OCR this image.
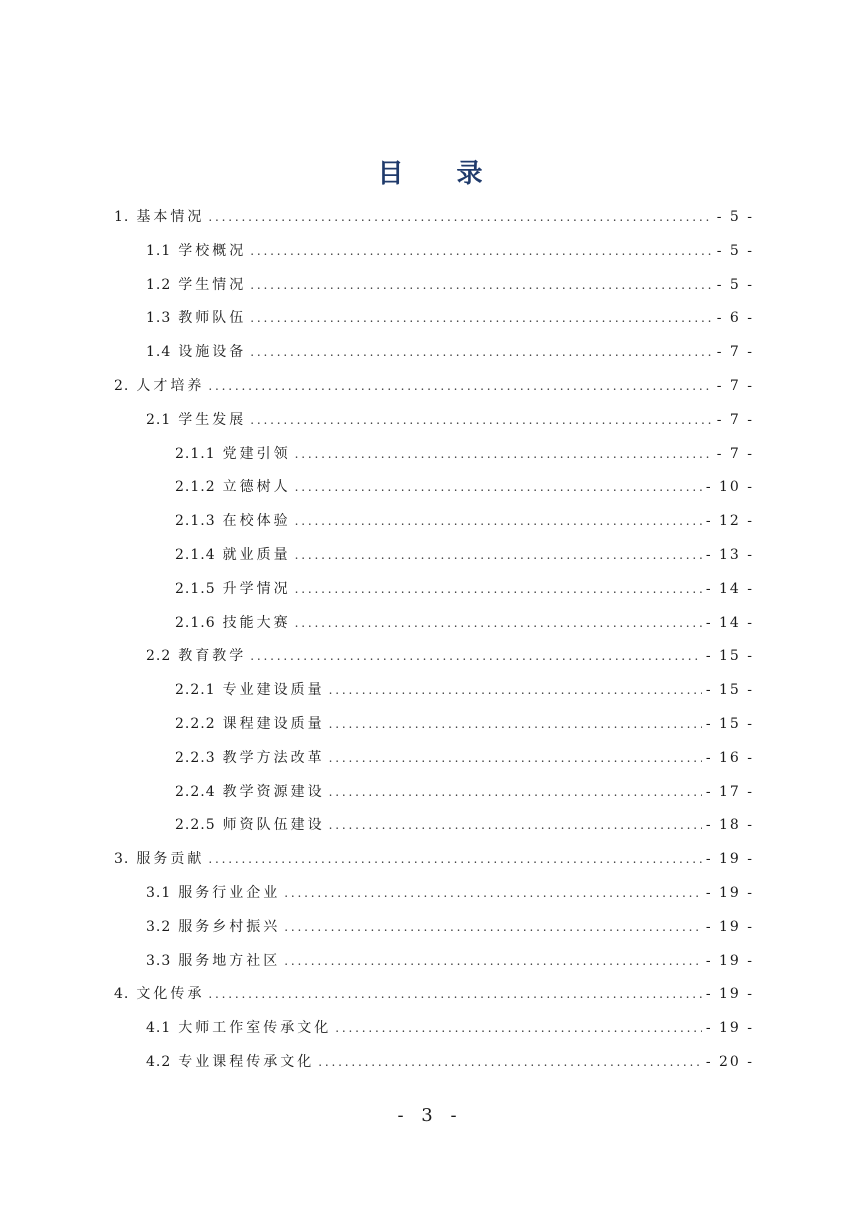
目 录
1. 基本情况 . . .	- 5 -
1.1 学校概况 . . .	- 5 -
1.2 学生情况 . . .	- 5 -
1.3 教师队伍 . . .	- 6 -
1.4 设施设备 . . .	- 7 -
2. 人才培养 . . .	- 7 -
2.1 学生发展 . . .	- 7 -
2.1.1 党建引领 . . .	- 7 -
2.1.2 立德树人 . . .	- 10 -
2.1.3 在校体验 . . .	- 12 -
2.1.4 就业质量 . . .	- 13 -
2.1.5 升学情况 . . .	- 14 -
2.1.6 技能大赛 . . .	- 14 -
2.2 教育教学 . . .	- 15 -
2.2.1 专业建设质量 . . .	- 15 -
2.2.2 课程建设质量 . . .	- 15 -
2.2.3 教学方法改革 . . .	- 16 -
2.2.4 教学资源建设 . . .	- 17 -
2.2.5 师资队伍建设 . . .	- 18 -
3. 服务贡献 . . .	- 19 -
3.1 服务行业企业 . . .	- 19 -
3.2 服务乡村振兴 . . .	- 19 -
3.3 服务地方社区 . . .	- 19 -
4. 文化传承 . . .	- 19 -
4.1 大师工作室传承文化 . . .	- 19 -
4.2 专业课程传承文化 . . .	- 20 -
- 3 -
